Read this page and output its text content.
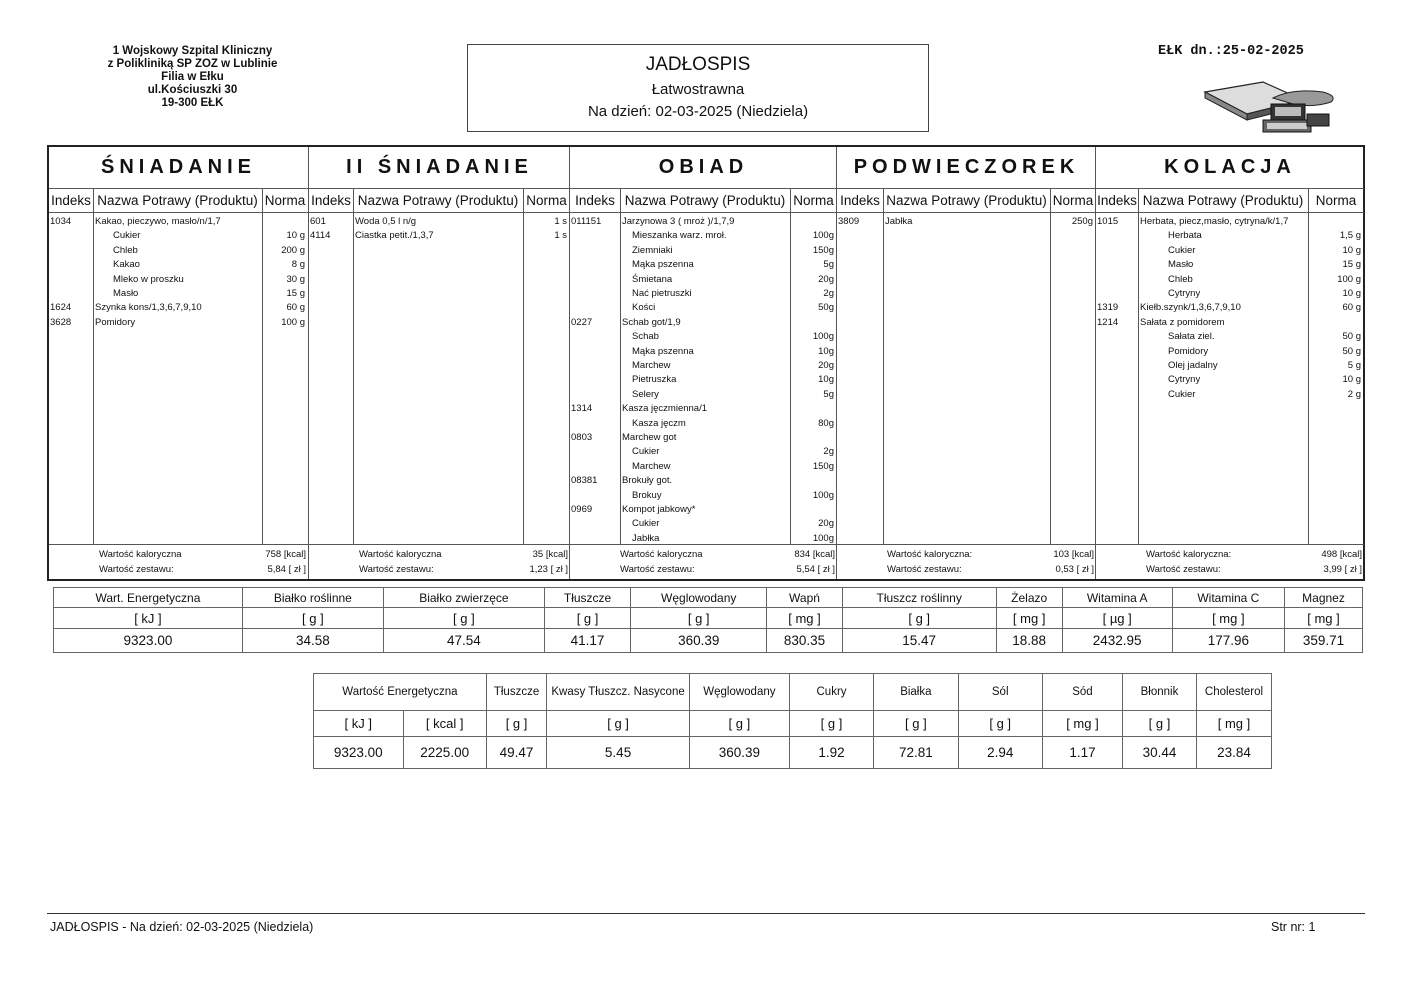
1 Wojskowy Szpital Kliniczny
z Polikliniką SP ZOZ w Lublinie
Filia w Ełku
ul.Kościuszki 30
19-300 EŁK
JADŁOSPIS
Łatwostrawna
Na dzień: 02-03-2025 (Niedziela)
EŁK dn.:25-02-2025
ŚNIADANIE
Indeks Nazwa Potrawy (Produktu) Norma
1034	Kakao, pieczywo, masło/n/1,7
Cukier	10 g
Chleb	200 g
Kakao	8 g
Mleko w proszku	30 g
Masło	15 g
1624	Szynka kons/1,3,6,7,9,10	60 g
3628	Pomidory	100 g
Wartość kaloryczna	758 [kcal]
Wartość zestawu:	5,84 [ zł ]
II ŚNIADANIE
Indeks Nazwa Potrawy (Produktu) Norma
601	Woda 0,5 l n/g	1 s
4114	Ciastka petit./1,3,7	1 s
Wartość kaloryczna	35 [kcal]
Wartość zestawu:	1,23 [ zł ]
OBIAD
Indeks Nazwa Potrawy (Produktu) Norma
011151 Jarzynowa 3 ( mroż )/1,7,9
Mieszanka warz. mroł.	100g
Ziemniaki	150g
Mąka pszenna	5g
Śmietana	20g
Nać pietruszki	2g
Kości	50g
0227	Schab got/1,9
Schab	100g
Mąka pszenna	10g
Marchew	20g
Pietruszka	10g
Selery	5g
1314	Kasza jęczmienna/1
Kasza jęczm	80g
0803	Marchew got
Cukier	2g
Marchew	150g
08381	Brokuły got.
Brokuy	100g
0969	Kompot jabkowy*
Cukier	20g
Jabłka	100g
Wartość kaloryczna	834 [kcal]
Wartość zestawu:	5,54 [ zł ]
PODWIECZOREK
Indeks Nazwa Potrawy (Produktu) Norma
3809	Jabłka	250g
Wartość kaloryczna:	103 [kcal]
Wartość zestawu:	0,53 [ zł ]
KOLACJA
Indeks Nazwa Potrawy (Produktu) Norma
1015 Herbata, piecz,masło, cytryna/k/1,7
Herbata	1,5 g
Cukier	10 g
Masło	15 g
Chleb	100 g
Cytryny	10 g
1319 Kiełb.szynk/1,3,6,7,9,10	60 g
1214 Sałata z pomidorem
Sałata ziel.	50 g
Pomidory	50 g
Olej jadalny	5 g
Cytryny	10 g
Cukier	2 g
Wartość kaloryczna:	498 [kcal]
Wartość zestawu:	3,99 [ zł ]
Wart. Energetyczna	Białko roślinne	Białko zwierzęce	Tłuszcze	Węglowodany	Wapń	Tłuszcz roślinny	Żelazo	Witamina A	Witamina C	Magnez
[ kJ ]	[ g ]	[ g ]	[ g ]	[ g ]	[ mg ]	[ g ]	[ mg ]	[ µg ]	[ mg ]	[ mg ]
9323.00	34.58	47.54	41.17	360.39	830.35	15.47	18.88	2432.95	177.96	359.71
Wartość Energetyczna		Tłuszcze	Kwasy Tłuszcz. Nasycone	Węglowodany	Cukry	Białka	Sól	Sód	Błonnik	Cholesterol
[ kJ ]	[ kcal ]	[ g ]	[ g ]	[ g ]	[ g ]	[ g ]	[ g ]	[ mg ]	[ g ]	[ mg ]
9323.00	2225.00	49.47	5.45	360.39	1.92	72.81	2.94	1.17	30.44	23.84
JADŁOSPIS - Na dzień: 02-03-2025 (Niedziela)	Str nr: 1
